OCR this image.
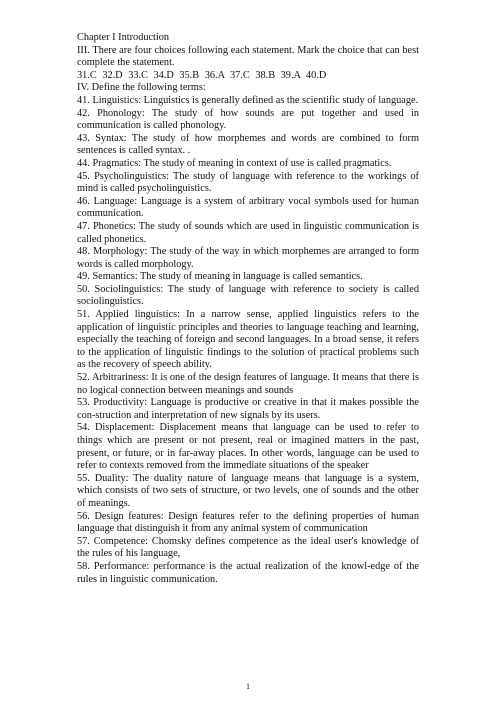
Chapter I Introduction

III. There are four choices following each statement. Mark the choice that can best complete the statement.

31.C 32.D 33.C 34.D 35.B 36.A 37.C 38.B 39.A 40.D

IV. Define the following terms:

41. Linguistics: Linguistics is generally defined as the scientific study of language.

42. Phonology: The study of how sounds are put together and used in communication is called phonology.

43. Syntax: The study of how morphemes and words are combined to form sentences is called syntax. .

44. Pragmatics: The study of meaning in context of use is called pragmatics.

45. Psycholinguistics: The study of language with reference to the workings of mind is called psycholinguistics.

46. Language: Language is a system of arbitrary vocal symbols used for human communication.

47. Phonetics: The study of sounds which are used in linguistic communication is called phonetics.

48. Morphology: The study of the way in which morphemes are arranged to form words is called morphology.

49. Semantics: The study of meaning in language is called semantics.

50. Sociolinguistics: The study of language with reference to society is called sociolinguistics.

51. Applied linguistics: In a narrow sense, applied linguistics refers to the application of linguistic principles and theories to language teaching and learning, especially the teaching of foreign and second languages. In a broad sense, it refers to the application of linguistic findings to the solution of practical problems such as the recovery of speech ability.

52. Arbitrariness: It is one of the design features of language. It means that there is no logical connection between meanings and sounds

53. Productivity: Language is productive or creative in that it makes possible the con-struction and interpretation of new signals by its users.

54. Displacement: Displacement means that language can be used to refer to things which are present or not present, real or imagined matters in the past, present, or future, or in far-away places. In other words, language can be used to refer to contexts removed from the immediate situations of the speaker

55. Duality: The duality nature of language means that language is a system, which consists of two sets of structure, or two levels, one of sounds and the other of meanings.

56. Design features: Design features refer to the defining properties of human language that distinguish it from any animal system of communication

57. Competence: Chomsky defines competence as the ideal user's knowledge of the rules of his language,

58. Performance: performance is the actual realization of the knowl-edge of the rules in linguistic communication.

1
